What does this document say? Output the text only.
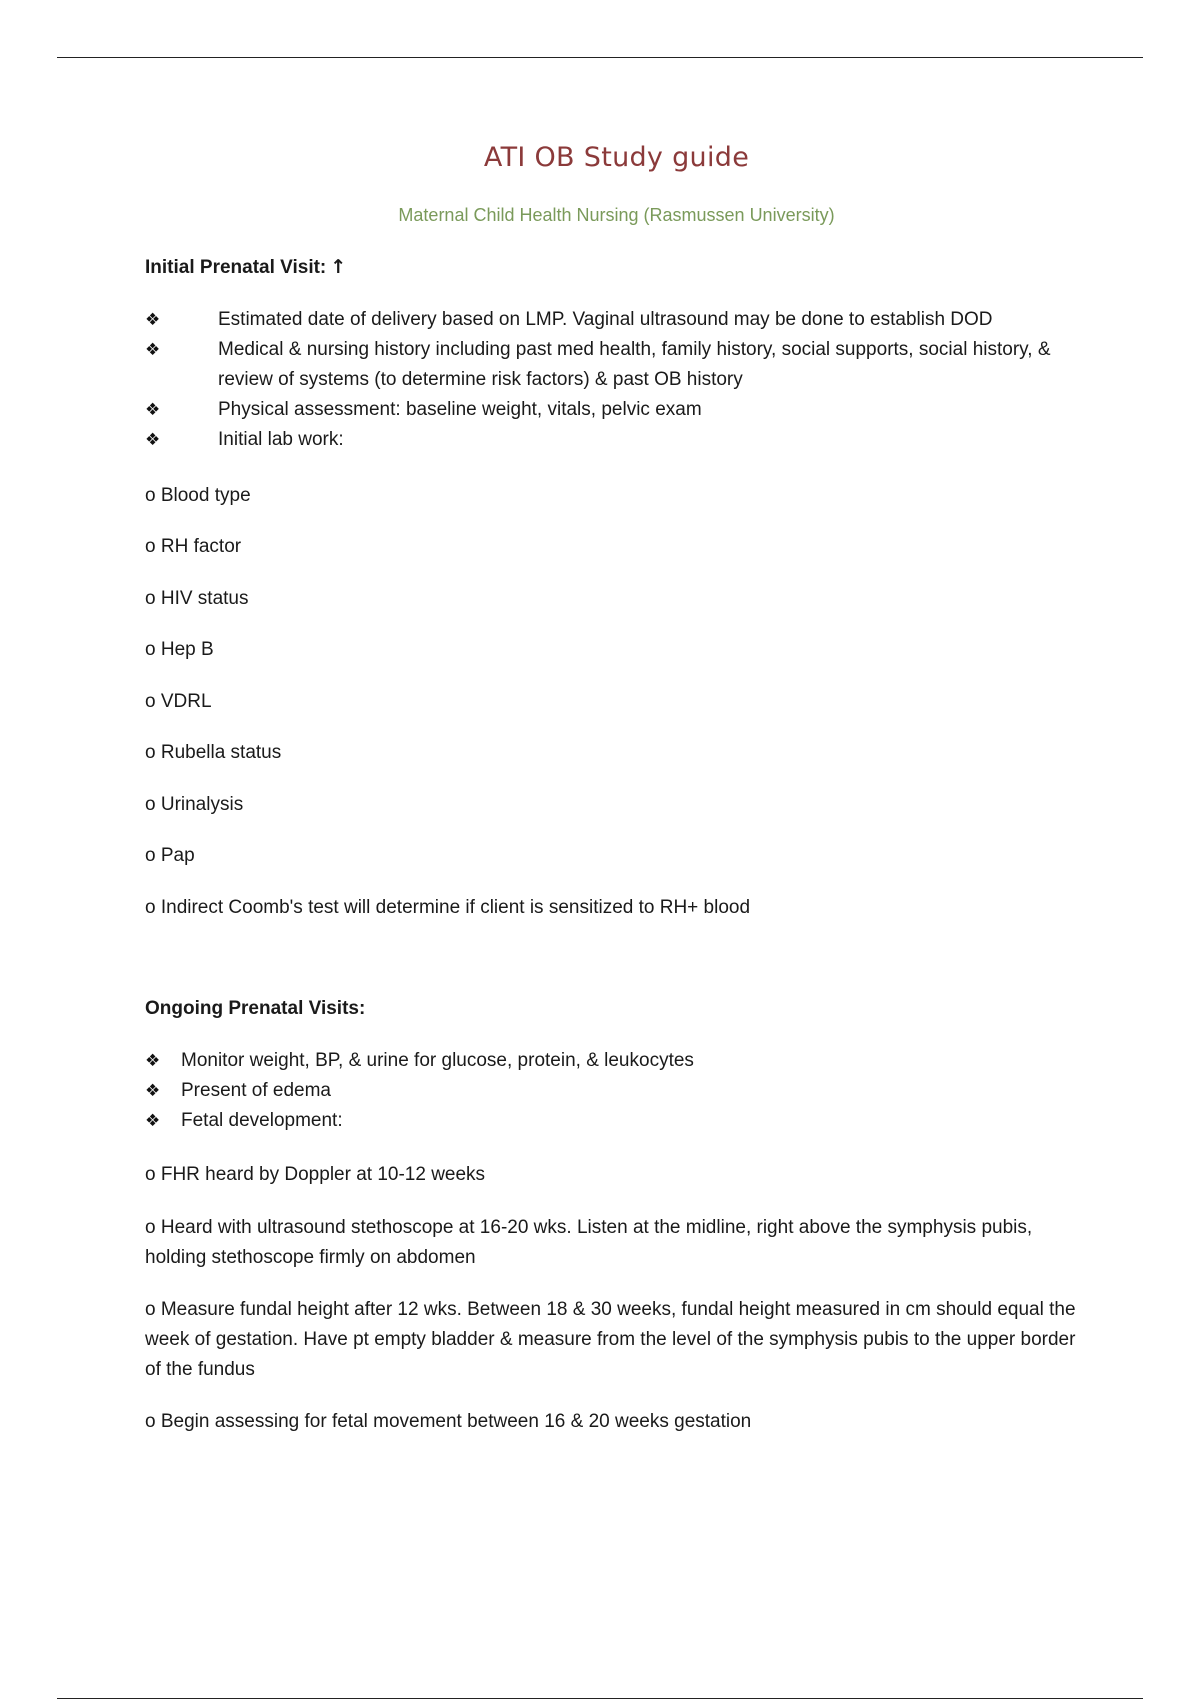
ATI OB Study guide
Maternal Child Health Nursing (Rasmussen University)
Initial Prenatal Visit: ↑
❖	Estimated date of delivery based on LMP. Vaginal ultrasound may be done to establish DOD
❖	Medical & nursing history including past med health, family history, social supports, social history, & review of systems (to determine risk factors) & past OB history
❖	Physical assessment: baseline weight, vitals, pelvic exam
❖	Initial lab work:
o Blood type
o RH factor
o HIV status
o Hep B
o VDRL
o Rubella status
o Urinalysis
o Pap
o Indirect Coomb's test will determine if client is sensitized to RH+ blood
Ongoing Prenatal Visits:
❖ Monitor weight, BP, & urine for glucose, protein, & leukocytes
❖ Present of edema
❖ Fetal development:
o FHR heard by Doppler at 10-12 weeks
o Heard with ultrasound stethoscope at 16-20 wks. Listen at the midline, right above the symphysis pubis, holding stethoscope firmly on abdomen
o Measure fundal height after 12 wks. Between 18 & 30 weeks, fundal height measured in cm should equal the week of gestation. Have pt empty bladder & measure from the level of the symphysis pubis to the upper border of the fundus
o Begin assessing for fetal movement between 16 & 20 weeks gestation
